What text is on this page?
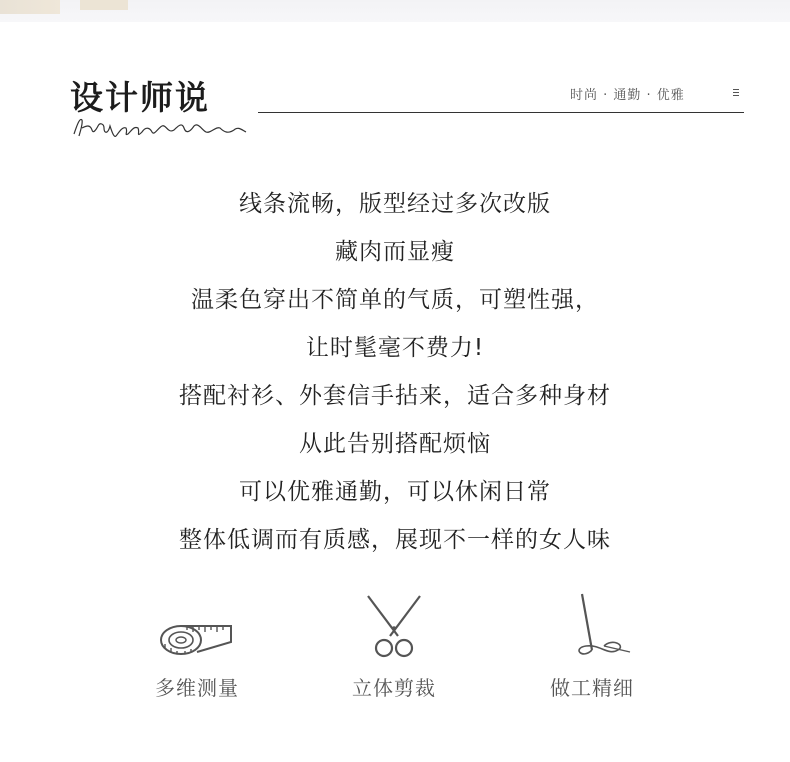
设计师说	时尚 · 通勤 · 优雅
线条流畅，版型经过多次改版
藏肉而显瘦
温柔色穿出不简单的气质，可塑性强，
让时髦毫不费力!
搭配衬衫、外套信手拈来，适合多种身材
从此告别搭配烦恼
可以优雅通勤，可以休闲日常
整体低调而有质感，展现不一样的女人味
多维测量	立体剪裁	做工精细
